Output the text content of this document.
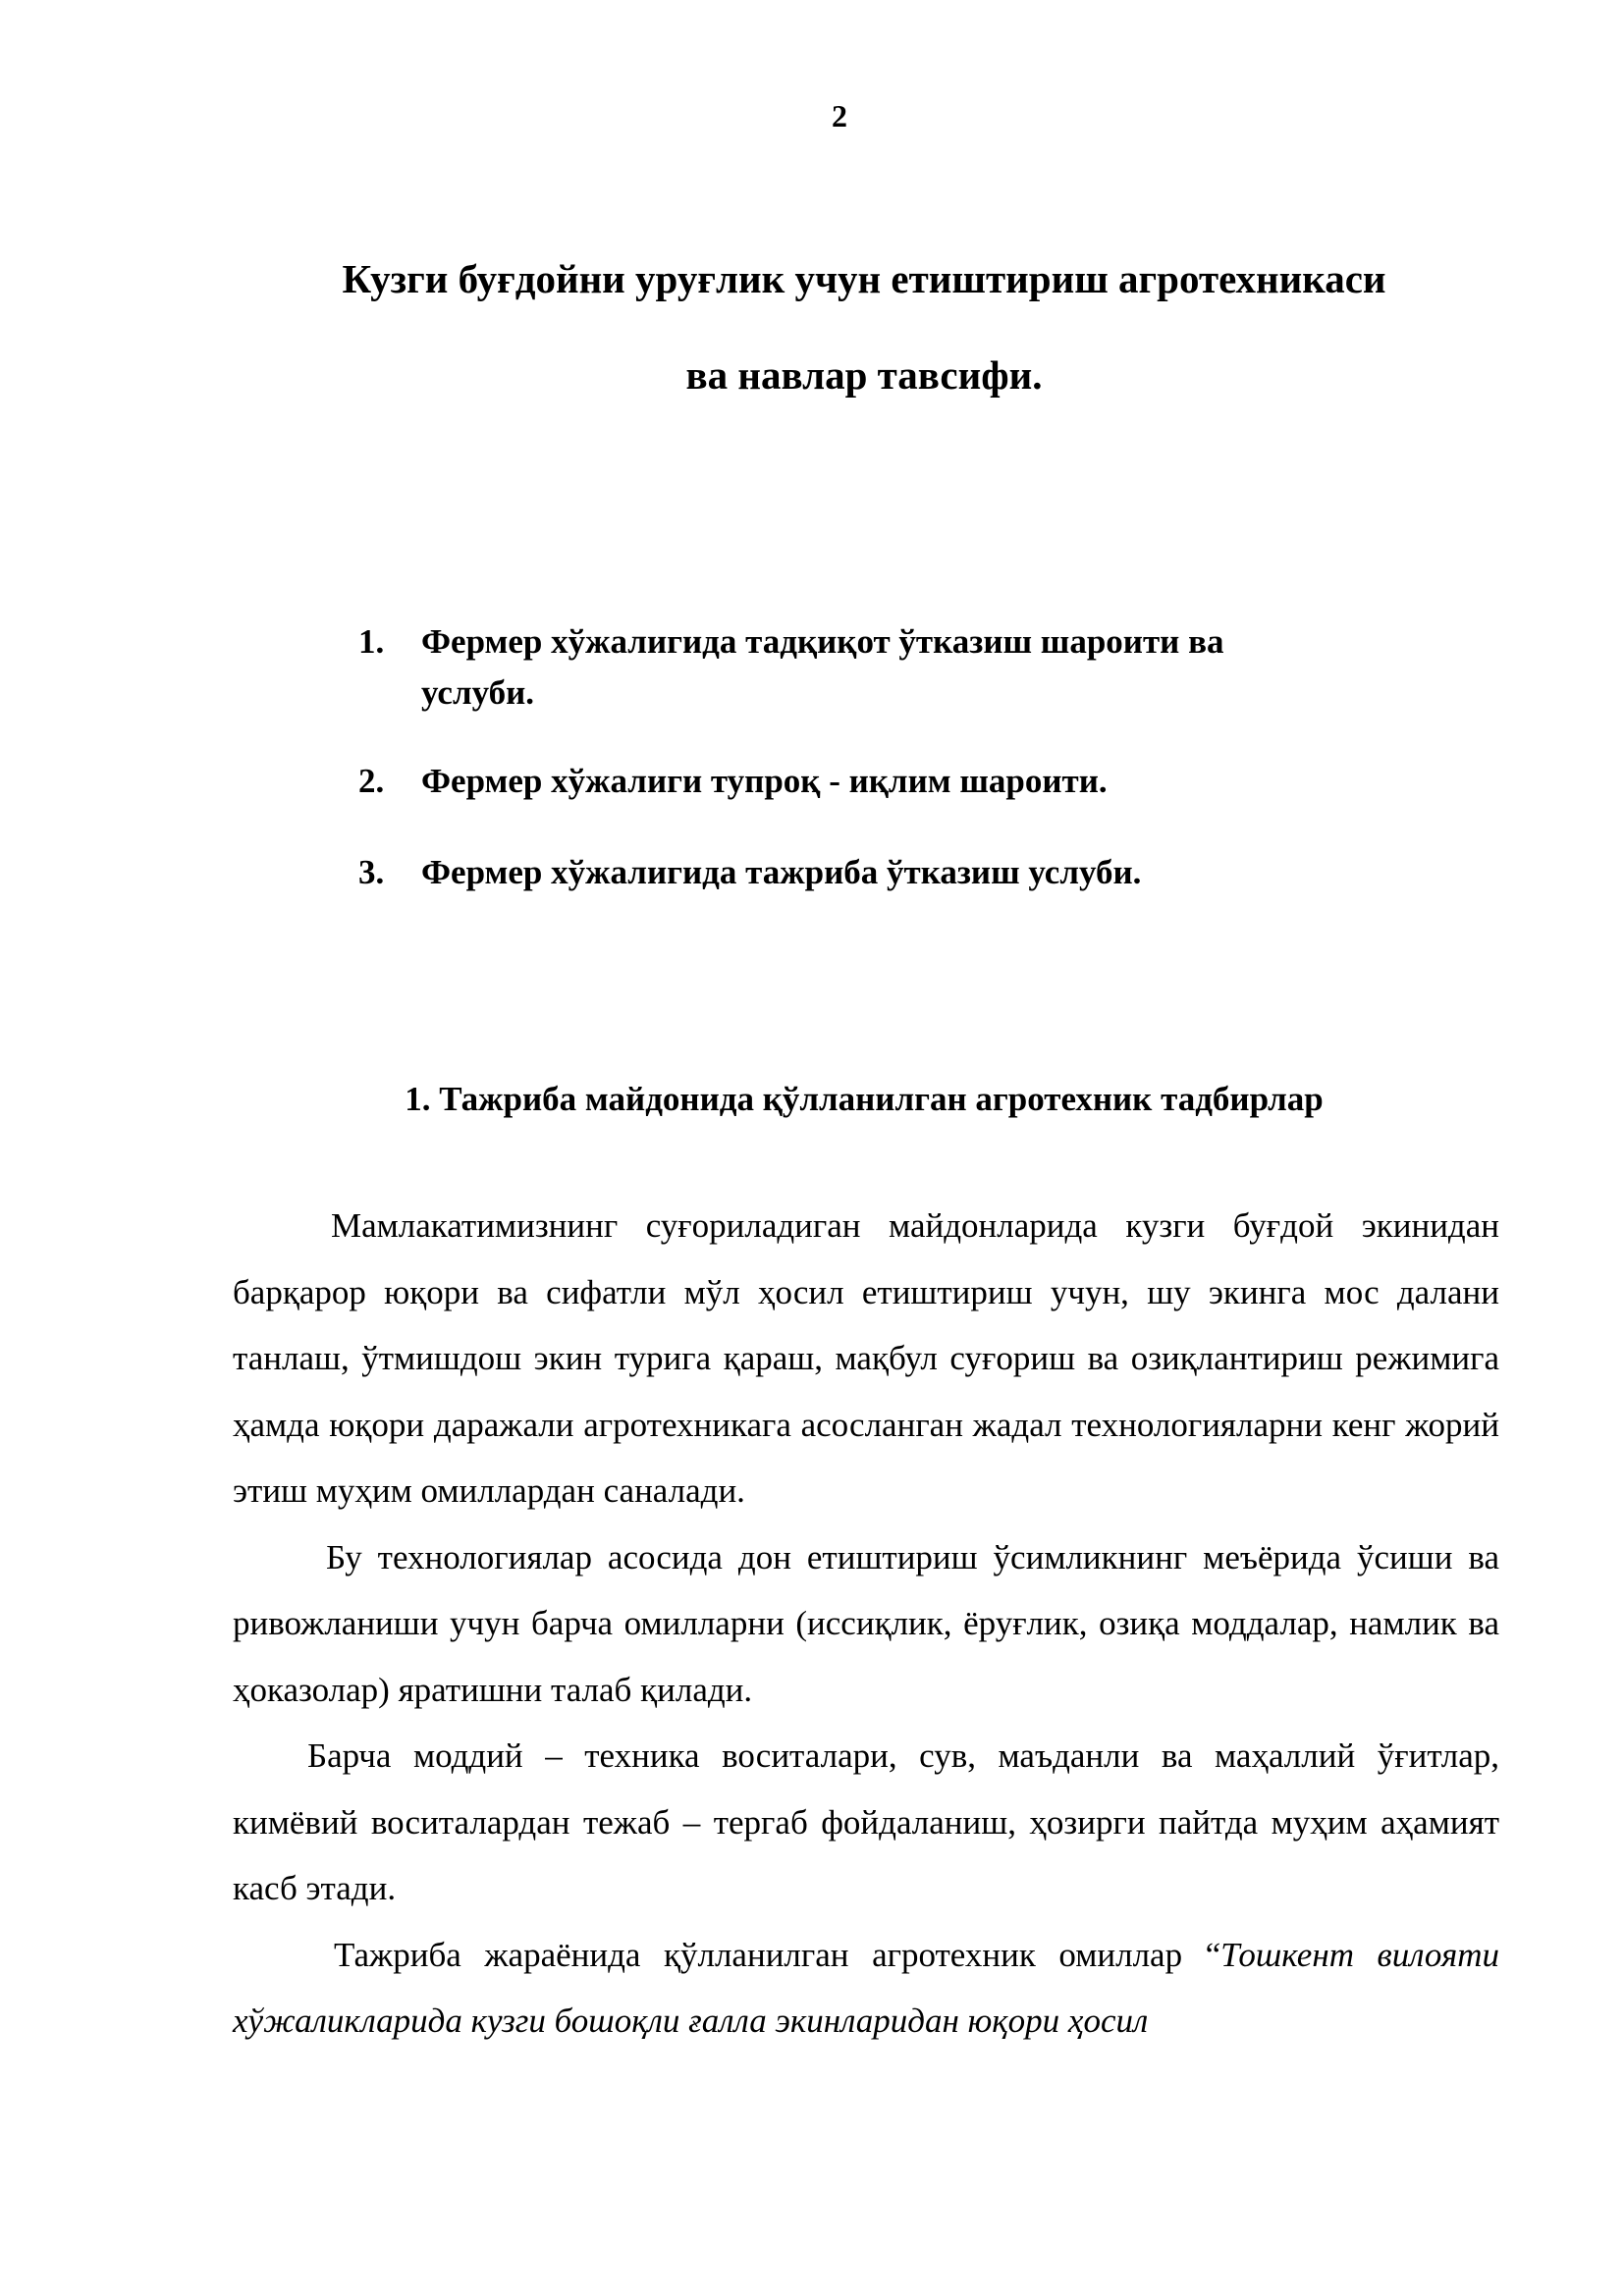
2
Кузги буғдойни уруғлик учун етиштириш агротехникаси
ва навлар тавсифи.
1. Фермер хўжалигида тадқиқот ўтказиш шароити ва услуби.
2. Фермер хўжалиги тупроқ - иқлим шароити.
3. Фермер хўжалигида тажриба ўтказиш услуби.
1. Тажриба майдонида қўлланилган агротехник тадбирлар

Мамлакатимизнинг суғориладиган майдонларида кузги буғдой экинидан барқарор юқори ва сифатли мўл ҳосил етиштириш учун, шу экинга мос далани танлаш, ўтмишдош экин турига қараш, мақбул суғориш ва озиқлантириш режимига ҳамда юқори даражали агротехникага асосланган жадал технологияларни кенг жорий этиш муҳим омиллардан саналади.

Бу технологиялар асосида дон етиштириш ўсимликнинг меъёрида ўсиши ва ривожланиши учун барча омилларни (иссиқлик, ёруғлик, озиқа моддалар, намлик ва ҳоказолар) яратишни талаб қилади.

Барча моддий – техника воситалари, сув, маъданли ва маҳаллий ўғитлар, кимёвий воситалардан тежаб – тергаб фойдаланиш, ҳозирги пайтда муҳим аҳамият касб этади.

Тажриба жараёнида қўлланилган агротехник омиллар “Тошкент вилояти хўжаликларида кузги бошоқли ғалла экинларидан юқори ҳосил
